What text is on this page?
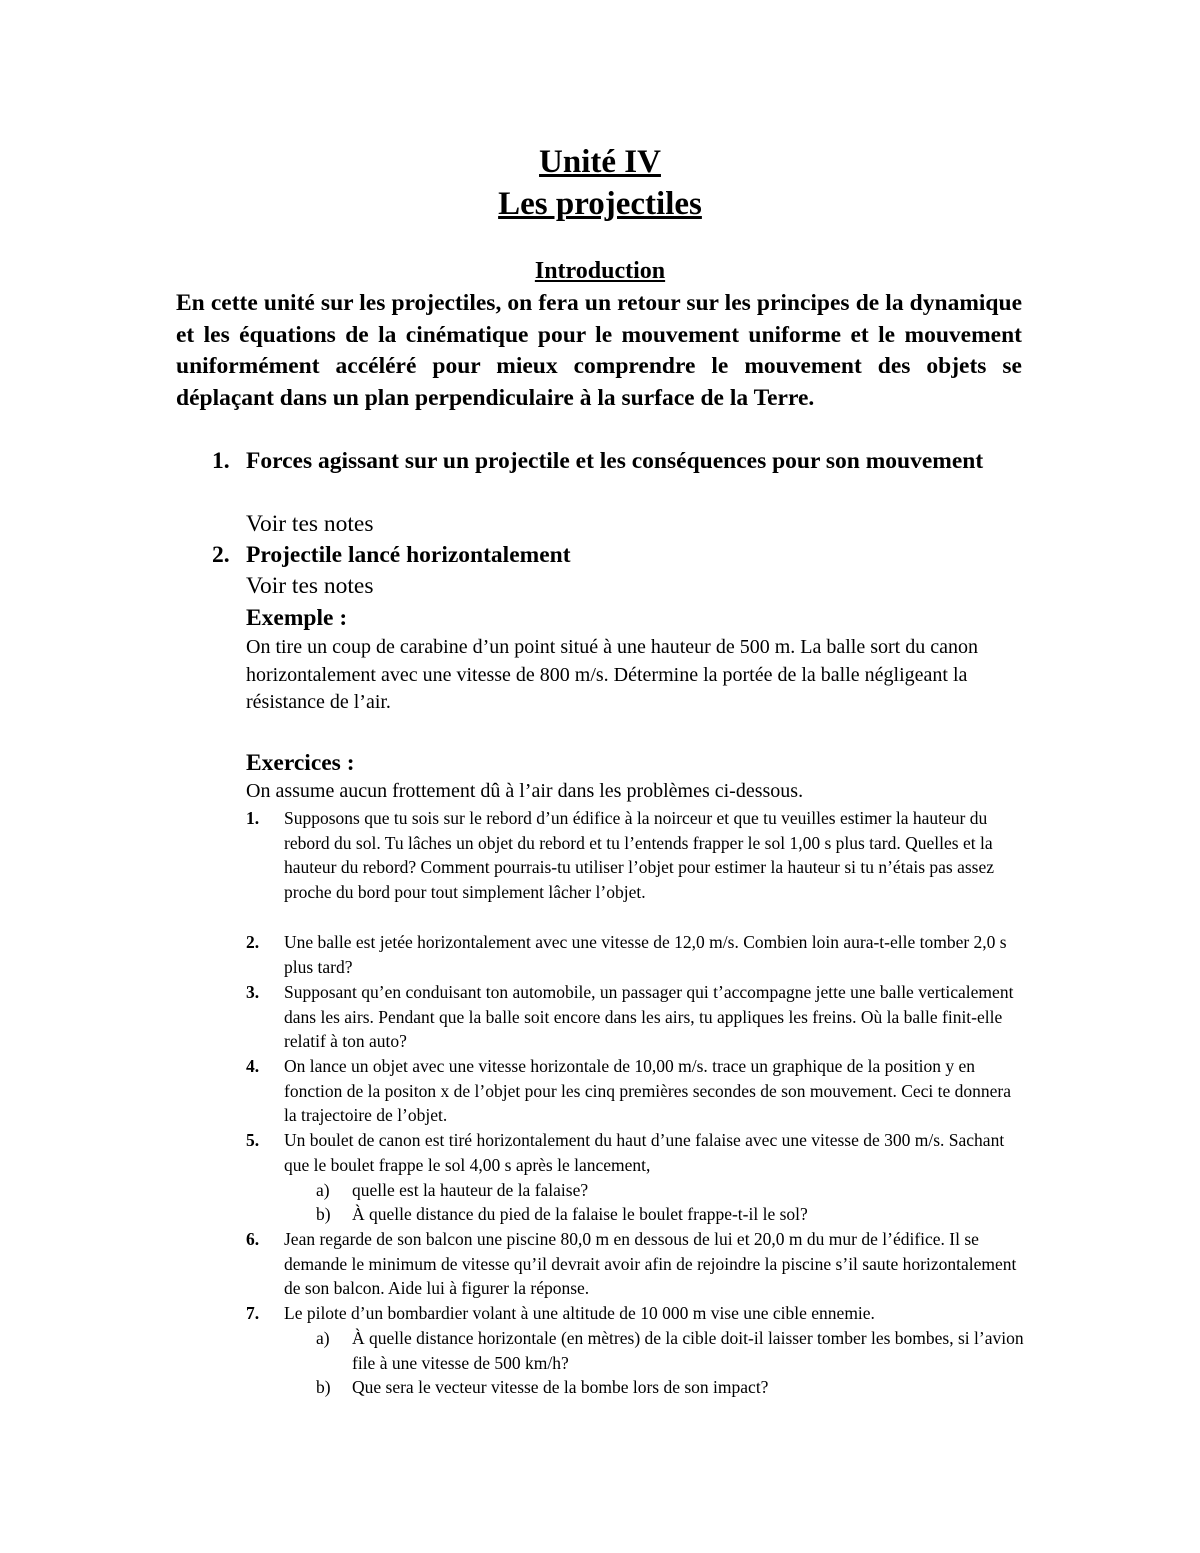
Unité IV
Les projectiles
Introduction
En cette unité sur les projectiles, on fera un retour sur les principes de la dynamique et les équations de la cinématique pour le mouvement uniforme et le mouvement uniformément accéléré pour mieux comprendre le mouvement des objets se déplaçant dans un plan perpendiculaire à la surface de la Terre.
1. Forces agissant sur un projectile et les conséquences pour son mouvement
Voir tes notes
2. Projectile lancé horizontalement
Voir tes notes
Exemple :
On tire un coup de carabine d’un point situé à une hauteur de 500 m. La balle sort du canon horizontalement avec une vitesse de 800 m/s. Détermine la portée de la balle négligeant la résistance de l’air.
Exercices :
On assume aucun frottement dû à l’air dans les problèmes ci-dessous.
1. Supposons que tu sois sur le rebord d’un édifice à la noirceur et que tu veuilles estimer la hauteur du rebord du sol. Tu lâches un objet du rebord et tu l’entends frapper le sol 1,00 s plus tard. Quelles et la hauteur du rebord? Comment pourrais-tu utiliser l’objet pour estimer la hauteur si tu n’étais pas assez proche du bord pour tout simplement lâcher l’objet.
2. Une balle est jetée horizontalement avec une vitesse de 12,0 m/s. Combien loin aura-t-elle tomber 2,0 s plus tard?
3. Supposant qu’en conduisant ton automobile, un passager qui t’accompagne jette une balle verticalement dans les airs. Pendant que la balle soit encore dans les airs, tu appliques les freins. Où la balle finit-elle relatif à ton auto?
4. On lance un objet avec une vitesse horizontale de 10,00 m/s. trace un graphique de la position y en fonction de la positon x de l’objet pour les cinq premières secondes de son mouvement. Ceci te donnera la trajectoire de l’objet.
5. Un boulet de canon est tiré horizontalement du haut d’une falaise avec une vitesse de 300 m/s. Sachant que le boulet frappe le sol 4,00 s après le lancement,
a) quelle est la hauteur de la falaise?
b) À quelle distance du pied de la falaise le boulet frappe-t-il le sol?
6. Jean regarde de son balcon une piscine 80,0 m en dessous de lui et 20,0 m du mur de l’édifice. Il se demande le minimum de vitesse qu’il devrait avoir afin de rejoindre la piscine s’il saute horizontalement de son balcon. Aide lui à figurer la réponse.
7. Le pilote d’un bombardier volant à une altitude de 10 000 m vise une cible ennemie.
a) À quelle distance horizontale (en mètres) de la cible doit-il laisser tomber les bombes, si l’avion file à une vitesse de 500 km/h?
b) Que sera le vecteur vitesse de la bombe lors de son impact?
